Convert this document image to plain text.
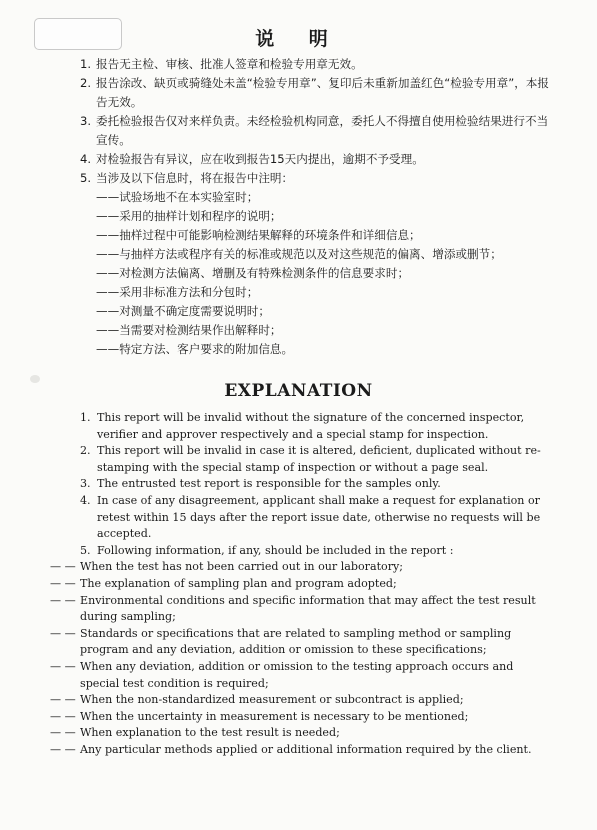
说 明
1. 报告无主检、审核、批准人签章和检验专用章无效。
2. 报告涂改、缺页或骑缝处未盖“检验专用章”、复印后未重新加盖红色“检验专用章”，本报告无效。
3. 委托检验报告仅对来样负责。未经检验机构同意，委托人不得擅自使用检验结果进行不当宣传。
4. 对检验报告有异议，应在收到报告15天内提出，逾期不予受理。
5. 当涉及以下信息时，将在报告中注明：
——试验场地不在本实验室时；
——采用的抽样计划和程序的说明；
——抽样过程中可能影响检测结果解释的环境条件和详细信息；
——与抽样方法或程序有关的标准或规范以及对这些规范的偏离、增添或删节；
——对检测方法偏离、增删及有特殊检测条件的信息要求时；
——采用非标准方法和分包时；
——对测量不确定度需要说明时；
——当需要对检测结果作出解释时；
——特定方法、客户要求的附加信息。
EXPLANATION
1. This report will be invalid without the signature of the concerned inspector, verifier and approver respectively and a special stamp for inspection.
2. This report will be invalid in case it is altered, deficient, duplicated without re-stamping with the special stamp of inspection or without a page seal.
3. The entrusted test report is responsible for the samples only.
4. In case of any disagreement, applicant shall make a request for explanation or retest within 15 days after the report issue date, otherwise no requests will be accepted.
5. Following information, if any, should be included in the report :
— — When the test has not been carried out in our laboratory;
— — The explanation of sampling plan and program adopted;
— — Environmental conditions and specific information that may affect the test result during sampling;
— — Standards or specifications that are related to sampling method or sampling program and any deviation, addition or omission to these specifications;
— — When any deviation, addition or omission to the testing approach occurs and special test condition is required;
— — When the non-standardized measurement or subcontract is applied;
— — When the uncertainty in measurement is necessary to be mentioned;
— — When explanation to the test result is needed;
— — Any particular methods applied or additional information required by the client.
